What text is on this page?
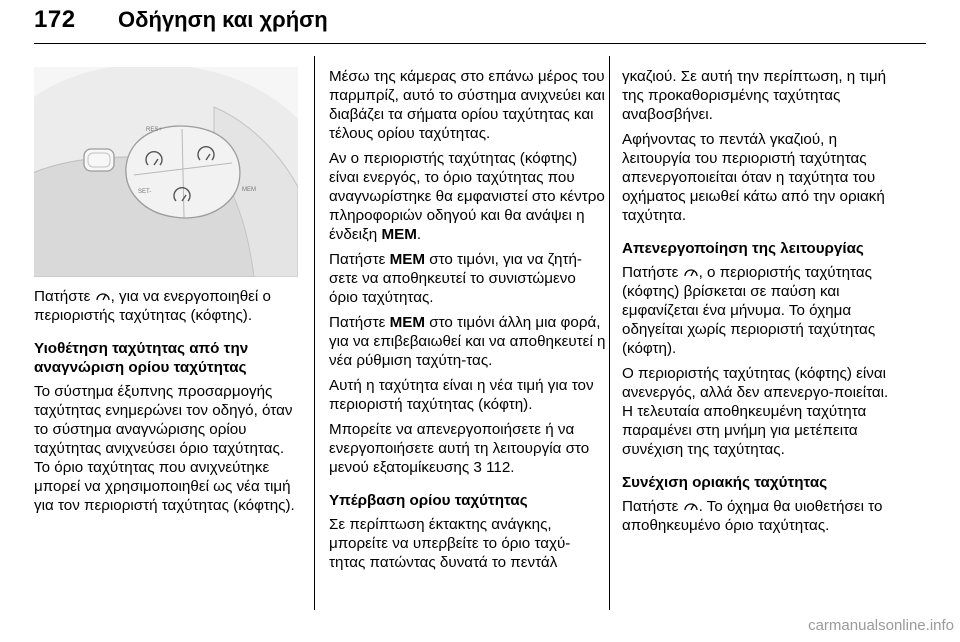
172 Οδήγηση και χρήση
RES+
SET-	MEM

Πατήστε , για να ενεργοποιηθεί ο περιοριστής ταχύτητας (κόφτης).

Υιοθέτηση ταχύτητας από την αναγνώριση ορίου ταχύτητας

Το σύστημα έξυπνης προσαρμογής ταχύτητας ενημερώνει τον οδηγό, όταν το σύστημα αναγνώρισης ορίου ταχύτητας ανιχνεύσει όριο ταχύτητας. Το όριο ταχύτητας που ανιχνεύτηκε μπορεί να χρησιμοποιηθεί ως νέα τιμή για τον περιοριστή ταχύτητας (κόφτης).

Μέσω της κάμερας στο επάνω μέρος του παρμπρίζ, αυτό το σύστημα ανιχνεύει και διαβάζει τα σήματα ορίου ταχύτητας και τέλους ορίου ταχύτητας.

Αν ο περιοριστής ταχύτητας (κόφτης) είναι ενεργός, το όριο ταχύτητας που αναγνωρίστηκε θα εμφανιστεί στο κέντρο πληροφοριών οδηγού και θα ανάψει η ένδειξη MEM.

Πατήστε MEM στο τιμόνι, για να ζητή-σετε να αποθηκευτεί το συνιστώμενο όριο ταχύτητας.

Πατήστε MEM στο τιμόνι άλλη μια φορά, για να επιβεβαιωθεί και να αποθηκευτεί η νέα ρύθμιση ταχύτη-τας.

Αυτή η ταχύτητα είναι η νέα τιμή για τον περιοριστή ταχύτητας (κόφτη).

Μπορείτε να απενεργοποιήσετε ή να ενεργοποιήσετε αυτή τη λειτουργία στο μενού εξατομίκευσης 3 112.

Υπέρβαση ορίου ταχύτητας

Σε περίπτωση έκτακτης ανάγκης, μπορείτε να υπερβείτε το όριο ταχύ-τητας πατώντας δυνατά το πεντάλ

γκαζιού. Σε αυτή την περίπτωση, η τιμή της προκαθορισμένης ταχύτητας αναβοσβήνει.

Αφήνοντας το πεντάλ γκαζιού, η λειτουργία του περιοριστή ταχύτητας απενεργοποιείται όταν η ταχύτητα του οχήματος μειωθεί κάτω από την οριακή ταχύτητα.

Απενεργοποίηση της λειτουργίας

Πατήστε , ο περιοριστής ταχύτητας (κόφτης) βρίσκεται σε παύση και εμφανίζεται ένα μήνυμα. Το όχημα οδηγείται χωρίς περιοριστή ταχύτητας (κόφτη).

Ο περιοριστής ταχύτητας (κόφτης) είναι ανενεργός, αλλά δεν απενεργο-ποιείται. Η τελευταία αποθηκευμένη ταχύτητα παραμένει στη μνήμη για μετέπειτα συνέχιση της ταχύτητας.

Συνέχιση οριακής ταχύτητας

Πατήστε . Το όχημα θα υιοθετήσει το αποθηκευμένο όριο ταχύτητας.

carmanualsonline.info
